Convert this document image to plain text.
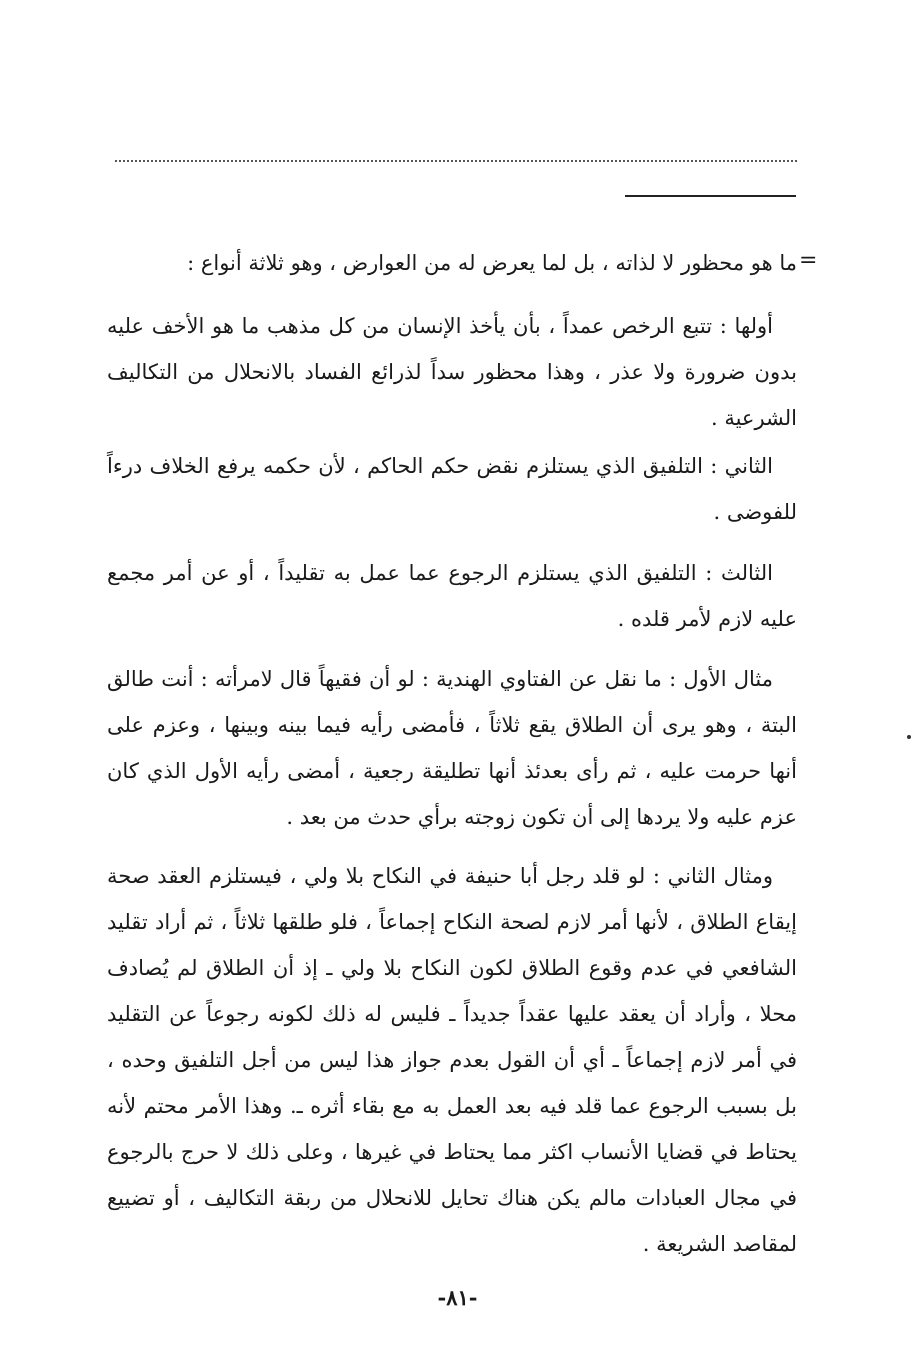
=

ما هو محظور لا لذاته ، بل لما يعرض له من العوارض ، وهو ثلاثة أنواع :

أولها : تتبع الرخص عمداً ، بأن يأخذ الإنسان من كل مذهب ما هو الأخف عليه بدون ضرورة ولا عذر ، وهذا محظور سداً لذرائع الفساد بالانحلال من التكاليف الشرعية .

الثاني : التلفيق الذي يستلزم نقض حكم الحاكم ، لأن حكمه يرفع الخلاف درءاً للفوضى .

الثالث : التلفيق الذي يستلزم الرجوع عما عمل به تقليداً ، أو عن أمر مجمع عليه لازم لأمر قلده .

مثال الأول : ما نقل عن الفتاوي الهندية : لو أن فقيهاً قال لامرأته : أنت طالق البتة ، وهو يرى أن الطلاق يقع ثلاثاً ، فأمضى رأيه فيما بينه وبينها ، وعزم على أنها حرمت عليه ، ثم رأى بعدئذ أنها تطليقة رجعية ، أمضى رأيه الأول الذي كان عزم عليه ولا يردها إلى أن تكون زوجته برأي حدث من بعد .

ومثال الثاني : لو قلد رجل أبا حنيفة في النكاح بلا ولي ، فيستلزم العقد صحة إيقاع الطلاق ، لأنها أمر لازم لصحة النكاح إجماعاً ، فلو طلقها ثلاثاً ، ثم أراد تقليد الشافعي في عدم وقوع الطلاق لكون النكاح بلا ولي ـ إذ أن الطلاق لم يُصادف محلا ، وأراد أن يعقد عليها عقداً جديداً ـ فليس له ذلك لكونه رجوعاً عن التقليد في أمر لازم إجماعاً ـ أي أن القول بعدم جواز هذا ليس من أجل التلفيق وحده ، بل بسبب الرجوع عما قلد فيه بعد العمل به مع بقاء أثره ـ. وهذا الأمر محتم لأنه يحتاط في قضايا الأنساب اكثر مما يحتاط في غيرها ، وعلى ذلك لا حرج بالرجوع في مجال العبادات مالم يكن هناك تحايل للانحلال من ربقة التكاليف ، أو تضييع لمقاصد الشريعة .

-٨١-
